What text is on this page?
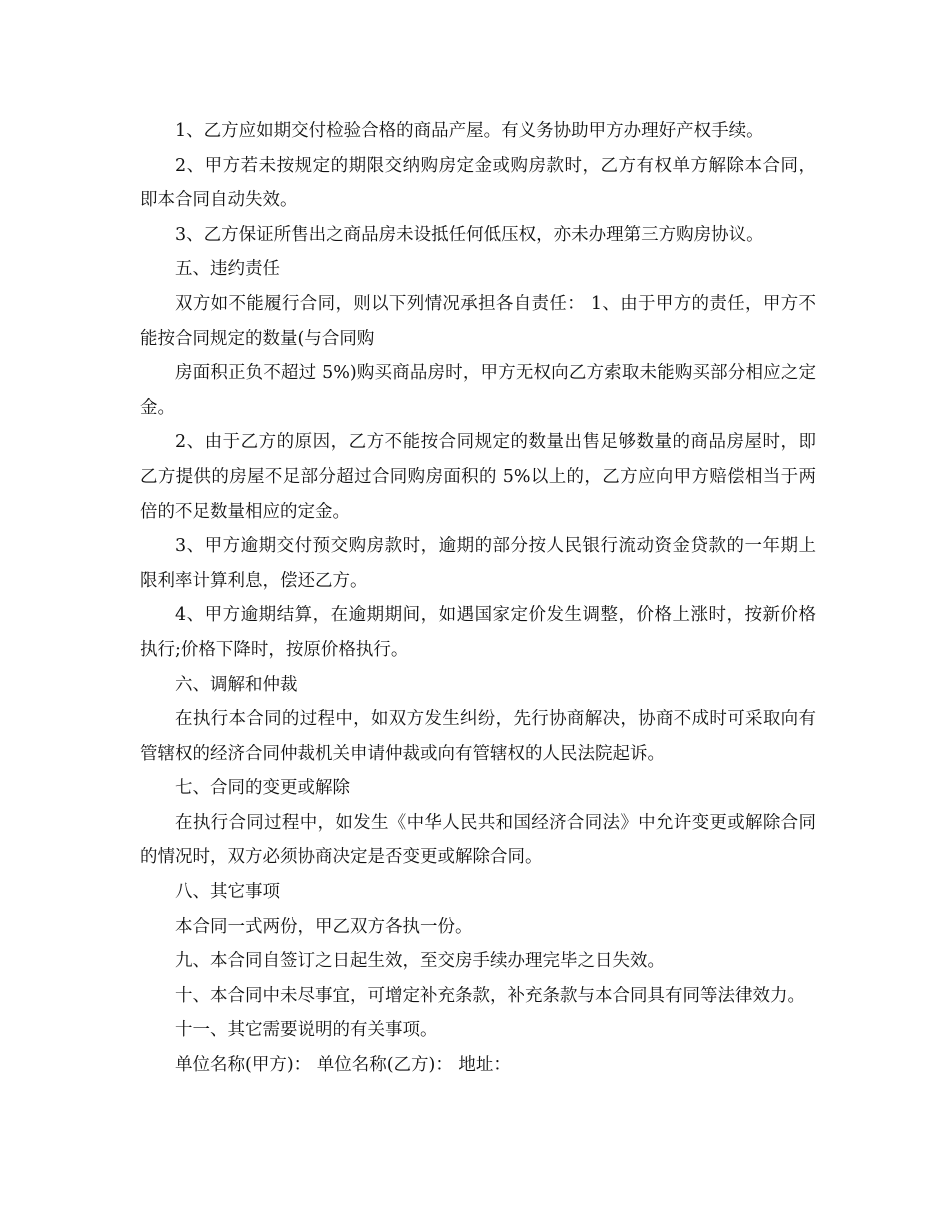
1、乙方应如期交付检验合格的商品产屋。有义务协助甲方办理好产权手续。

2、甲方若未按规定的期限交纳购房定金或购房款时，乙方有权单方解除本合同，即本合同自动失效。

3、乙方保证所售出之商品房未设抵任何低压权，亦未办理第三方购房协议。

五、违约责任

双方如不能履行合同，则以下列情况承担各自责任： 1、由于甲方的责任，甲方不能按合同规定的数量(与合同购

房面积正负不超过 5%)购买商品房时，甲方无权向乙方索取未能购买部分相应之定金。

2、由于乙方的原因，乙方不能按合同规定的数量出售足够数量的商品房屋时，即乙方提供的房屋不足部分超过合同购房面积的 5%以上的，乙方应向甲方赔偿相当于两倍的不足数量相应的定金。

3、甲方逾期交付预交购房款时，逾期的部分按人民银行流动资金贷款的一年期上限利率计算利息，偿还乙方。

4、甲方逾期结算，在逾期期间，如遇国家定价发生调整，价格上涨时，按新价格执行;价格下降时，按原价格执行。

六、调解和仲裁

在执行本合同的过程中，如双方发生纠纷，先行协商解决，协商不成时可采取向有管辖权的经济合同仲裁机关申请仲裁或向有管辖权的人民法院起诉。

七、合同的变更或解除

在执行合同过程中，如发生《中华人民共和国经济合同法》中允许变更或解除合同的情况时，双方必须协商决定是否变更或解除合同。

八、其它事项

本合同一式两份，甲乙双方各执一份。

九、本合同自签订之日起生效，至交房手续办理完毕之日失效。

十、本合同中未尽事宜，可增定补充条款，补充条款与本合同具有同等法律效力。

十一、其它需要说明的有关事项。

单位名称(甲方)： 单位名称(乙方)： 地址：
